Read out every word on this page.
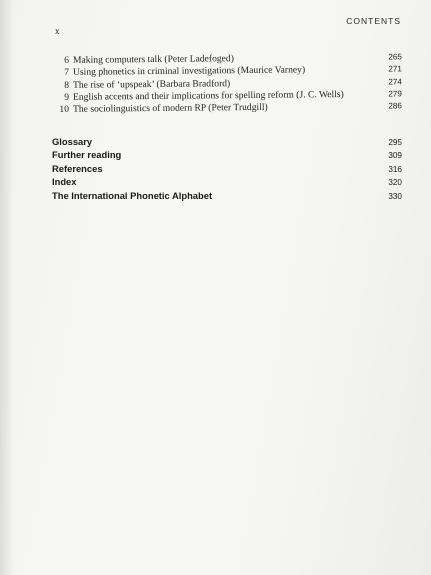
CONTENTS
x
6 Making computers talk (Peter Ladefoged)	265
7 Using phonetics in criminal investigations (Maurice Varney)	271
8 The rise of ‘upspeak’ (Barbara Bradford)	274
9 English accents and their implications for spelling reform (J. C. Wells)	279
10 The sociolinguistics of modern RP (Peter Trudgill)	286
Glossary	295
Further reading	309
References	316
Index	320
The International Phonetic Alphabet	330
